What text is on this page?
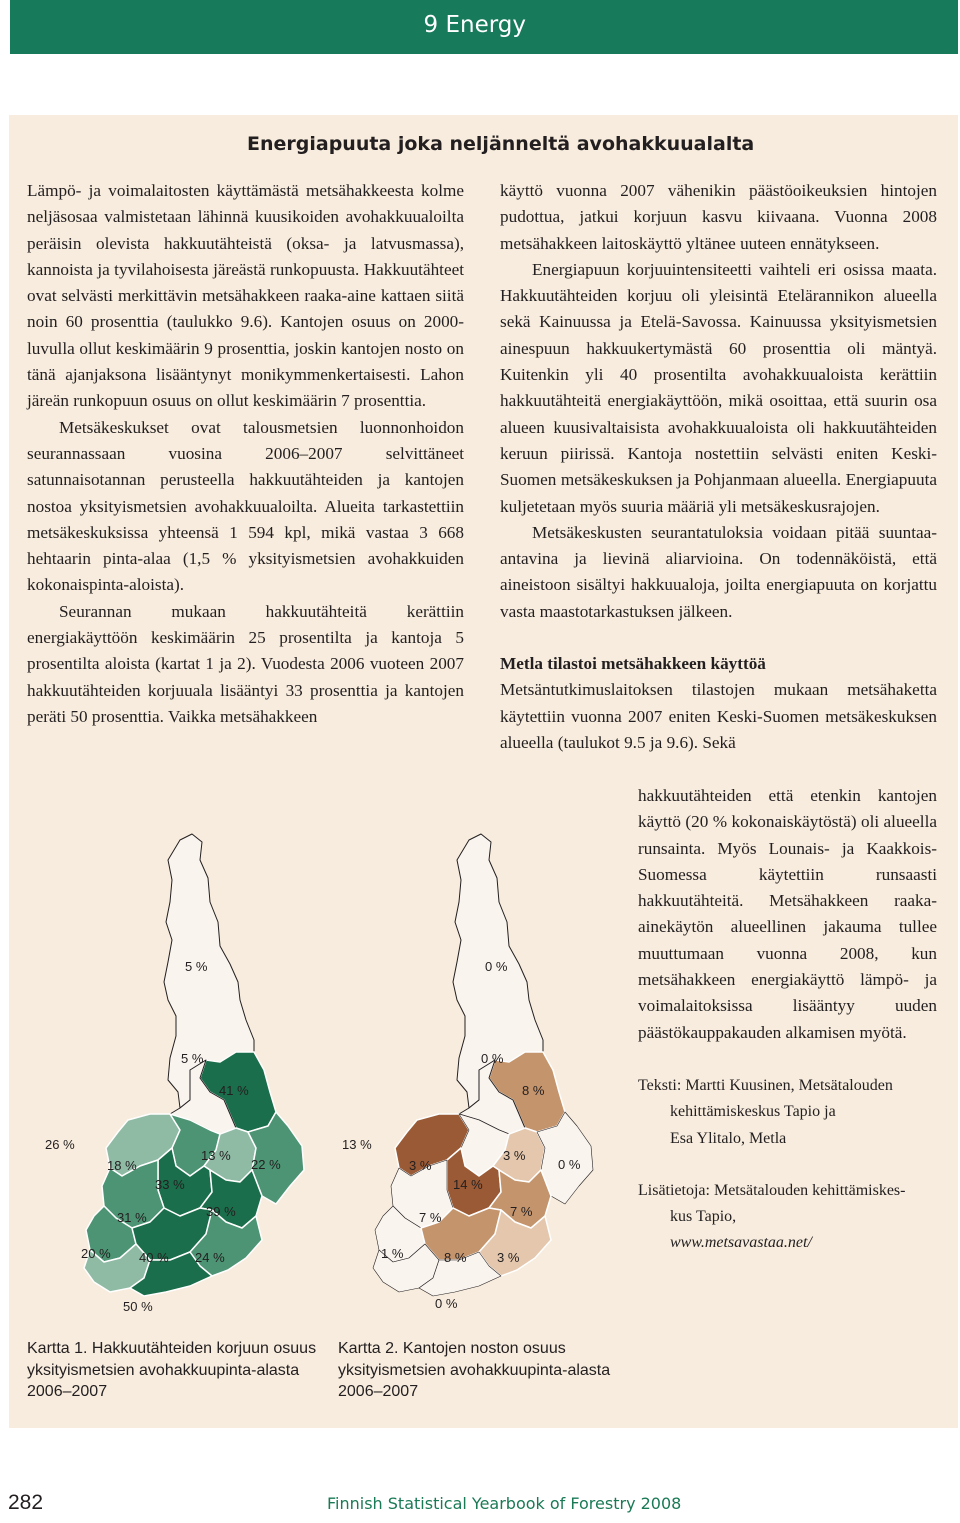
9 Energy
Energiapuuta joka neljänneltä avohakkuualalta

Lämpö- ja voimalaitosten käyttämästä metsähakkeesta kolme neljäsosaa valmistetaan lähinnä kuusikoiden avohakkuualoilta peräisin olevista hakkuutähteistä (oksa- ja latvusmassa), kannoista ja tyvilahoisesta järeästä runkopuusta. Hakkuutähteet ovat selvästi merkittävin metsähakkeen raaka-aine kattaen siitä noin 60 prosenttia (taulukko 9.6). Kantojen osuus on 2000-luvulla ollut keskimäärin 9 prosenttia, joskin kantojen nosto on tänä ajanjaksona lisääntynyt monikymmenkertaisesti. Lahon järeän runkopuun osuus on ollut keskimäärin 7 prosenttia.

Metsäkeskukset ovat talousmetsien luonnonhoidon seurannassaan vuosina 2006–2007 selvittäneet satunnaisotannan perusteella hakkuutähteiden ja kantojen nostoa yksityismetsien avohakkuualoilta. Alueita tarkastettiin metsäkeskuksissa yhteensä 1 594 kpl, mikä vastaa 3 668 hehtaarin pinta-alaa (1,5 % yksityismetsien avohakkuiden kokonaispinta-aloista).

Seurannan mukaan hakkuutähteitä kerättiin energiakäyttöön keskimäärin 25 prosentilta ja kantoja 5 prosentilta aloista (kartat 1 ja 2). Vuodesta 2006 vuoteen 2007 hakkuutähteiden korjuuala lisääntyi 33 prosenttia ja kantojen peräti 50 prosenttia. Vaikka metsähakkeen

käyttö vuonna 2007 vähenikin päästöoikeuksien hintojen pudottua, jatkui korjuun kasvu kiivaana. Vuonna 2008 metsähakkeen laitoskäyttö yltänee uuteen ennätykseen.

Energiapuun korjuuintensiteetti vaihteli eri osissa maata. Hakkuutähteiden korjuu oli yleisintä Etelärannikon alueella sekä Kainuussa ja Etelä-Savossa. Kainuussa yksityismetsien ainespuun hakkuukertymästä 60 prosenttia oli mäntyä. Kuitenkin yli 40 prosentilta avohakkuualoista kerättiin hakkuutähteitä energiakäyttöön, mikä osoittaa, että suurin osa alueen kuusivaltaisista avohakkuualoista oli hakkuutähteiden keruun piirissä. Kantoja nostettiin selvästi eniten Keski-Suomen metsäkeskuksen ja Pohjanmaan alueella. Energiapuuta kuljetetaan myös suuria määriä yli metsäkeskusrajojen.

Metsäkeskusten seurantatuloksia voidaan pitää suuntaa-antavina ja lievinä aliarvioina. On todennäköistä, että aineistoon sisältyi hakkuualoja, joilta energiapuuta on korjattu vasta maastotarkastuksen jälkeen.

Metla tilastoi metsähakkeen käyttöä

Metsäntutkimuslaitoksen tilastojen mukaan metsähaketta käytettiin vuonna 2007 eniten Keski-Suomen metsäkeskuksen alueella (taulukot 9.5 ja 9.6). Sekä

hakkuutähteiden että etenkin kantojen käyttö (20 % kokonaiskäytöstä) oli alueella runsainta. Myös Lounais- ja Kaakkois-Suomessa käytettiin runsaasti hakkuutähteitä. Metsähakkeen raaka-ainekäytön alueellinen jakauma tullee muuttumaan vuonna 2008, kun metsähakkeen energiakäyttö lämpö- ja voimalaitoksissa lisääntyy uuden päästökauppakauden alkamisen myötä.

Teksti: Martti Kuusinen, Metsätalouden
kehittämiskeskus Tapio ja
Esa Ylitalo, Metla
Lisätietoja: Metsätalouden kehittämiskes-
kus Tapio,
www.metsavastaa.net/
5 %
5 %
41 %
26 %
18 %
13 %
22 %
33 %
31 %	39 %
20 % 40 % 24 %
50 %
0 %
0 %
8 %
13 %
3 %
3 %
0 %
14 %
7 %	7 %
1 %	8 % 3 %
0 %
Kartta 1. Hakkuutähteiden korjuun osuus
yksityismetsien avohakkuupinta-alasta
2006–2007
Kartta 2. Kantojen noston osuus
yksityismetsien avohakkuupinta-alasta
2006–2007
282	Finnish Statistical Yearbook of Forestry 2008
